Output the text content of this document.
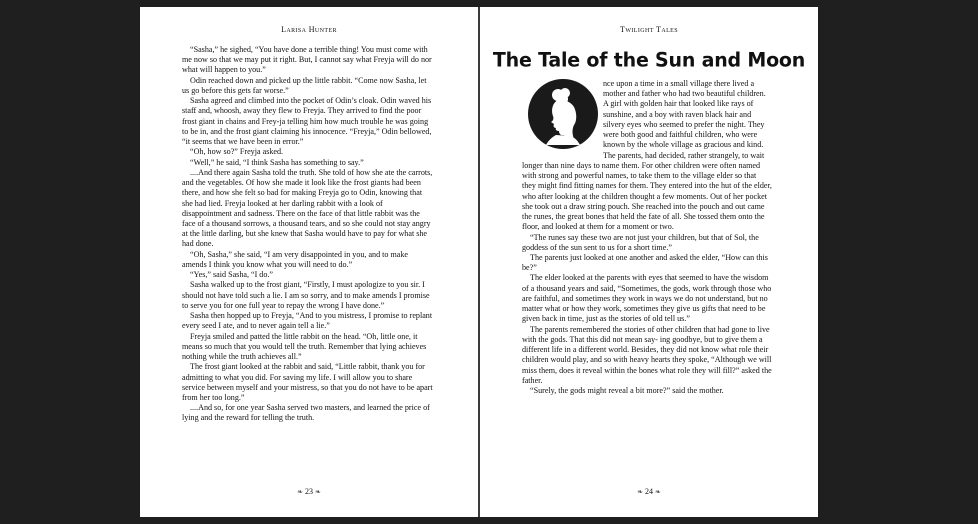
Larisa Hunter

“Sasha,” he sighed, “You have done a terrible thing! You must come with me now so that we may put it right. But, I cannot say what Freyja will do nor what will happen to you.”

Odin reached down and picked up the little rabbit. “Come now Sasha, let us go before this gets far worse.”

Sasha agreed and climbed into the pocket of Odin’s cloak. Odin waved his staff and, whoosh, away they flew to Freyja. They arrived to find the poor frost giant in chains and Frey-ja telling him how much trouble he was going to be in, and the frost giant claiming his innocence. “Freyja,” Odin bellowed, “it seems that we have been in error.”

“Oh, how so?” Freyja asked.

“Well,” he said, “I think Sasha has something to say.”

....And there again Sasha told the truth. She told of how she ate the carrots, and the vegetables. Of how she made it look like the frost giants had been there, and how she felt so bad for making Freyja go to Odin, knowing that she had lied. Freyja looked at her darling rabbit with a look of disappointment and sadness. There on the face of that little rabbit was the face of a thousand sorrows, a thousand tears, and so she could not stay angry at the little darling, but she knew that Sasha would have to pay for what she had done.

“Oh, Sasha,” she said, “I am very disappointed in you, and to make amends I think you know what you will need to do.”

“Yes,” said Sasha, “I do.”

Sasha walked up to the frost giant, “Firstly, I must apologize to you sir. I should not have told such a lie. I am so sorry, and to make amends I promise to serve you for one full year to repay the wrong I have done.”

Sasha then hopped up to Freyja, “And to you mistress, I promise to replant every seed I ate, and to never again tell a lie.”

Freyja smiled and patted the little rabbit on the head. “Oh, little one, it means so much that you would tell the truth. Remember that lying achieves nothing while the truth achieves all.”

The frost giant looked at the rabbit and said, “Little rabbit, thank you for admitting to what you did. For saving my life. I will allow you to share service between myself and your mistress, so that you do not have to be apart from her too long.”

....And so, for one year Sasha served two masters, and learned the price of lying and the reward for telling the truth.

❧ 23 ❧
Twilight Tales
The Tale of the Sun and Moon

nce upon a time in a small village there lived a mother and father who had two beautiful children. A girl with golden hair that looked like rays of sunshine, and a boy with raven black hair and silvery eyes who seemed to prefer the night. They were both good and faithful children, who were known by the whole village as gracious and kind. The parents, had decided, rather strangely, to wait longer than nine days to name them. For other children were often named with strong and powerful names, to take them to the village elder so that they might find fitting names for them. They entered into the hut of the elder, who after looking at the children thought a few moments. Out of her pocket she took out a draw string pouch. She reached into the pouch and out came the runes, the great bones that held the fate of all. She tossed them onto the floor, and looked at them for a moment or two.

“The runes say these two are not just your children, but that of Sol, the goddess of the sun sent to us for a short time.”

The parents just looked at one another and asked the elder, “How can this be?”

The elder looked at the parents with eyes that seemed to have the wisdom of a thousand years and said, “Sometimes, the gods, work through those who are faithful, and sometimes they work in ways we do not understand, but no matter what or how they work, sometimes they give us gifts that need to be given back in time, just as the stories of old tell us.”

The parents remembered the stories of other children that had gone to live with the gods. That this did not mean say- ing goodbye, but to give them a different life in a different world. Besides, they did not know what role their children would play, and so with heavy hearts they spoke, “Although we will miss them, does it reveal within the bones what role they will fill?” asked the father.

“Surely, the gods might reveal a bit more?” said the mother.

❧ 24 ❧
